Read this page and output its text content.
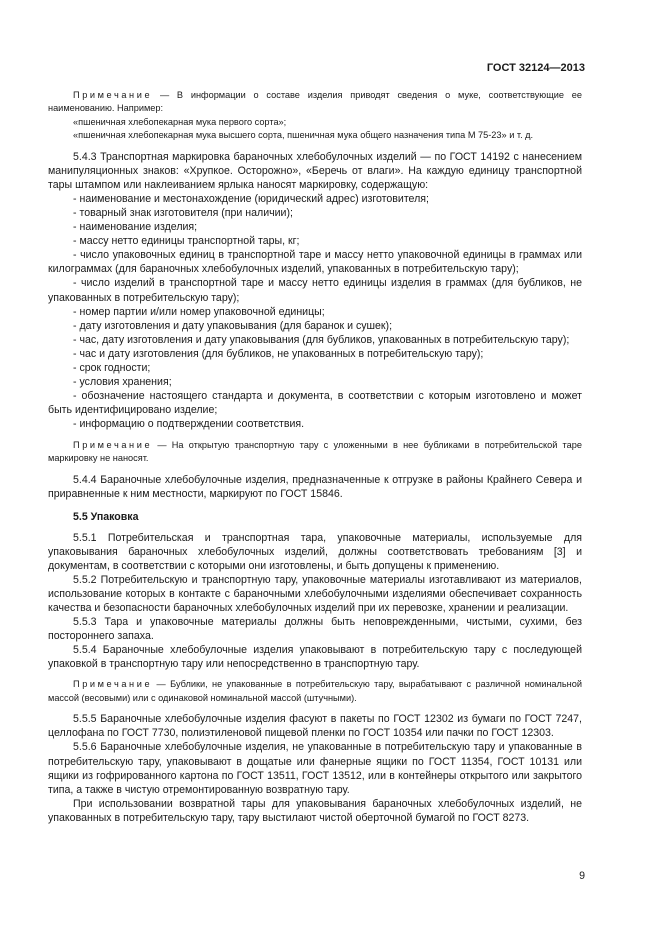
ГОСТ 32124—2013

Примечание — В информации о составе изделия приводят сведения о муке, соответствующие ее наименованию. Например:

«пшеничная хлебопекарная мука первого сорта»;

«пшеничная хлебопекарная мука высшего сорта, пшеничная мука общего назначения типа М 75-23» и т. д.

5.4.3 Транспортная маркировка бараночных хлебобулочных изделий — по ГОСТ 14192 с нанесением манипуляционных знаков: «Хрупкое. Осторожно», «Беречь от влаги». На каждую единицу транспортной тары штампом или наклеиванием ярлыка наносят маркировку, содержащую:

- наименование и местонахождение (юридический адрес) изготовителя;

- товарный знак изготовителя (при наличии);

- наименование изделия;

- массу нетто единицы транспортной тары, кг;

- число упаковочных единиц в транспортной таре и массу нетто упаковочной единицы в граммах или килограммах (для бараночных хлебобулочных изделий, упакованных в потребительскую тару);

- число изделий в транспортной таре и массу нетто единицы изделия в граммах (для бубликов, не упакованных в потребительскую тару);

- номер партии и/или номер упаковочной единицы;

- дату изготовления и дату упаковывания (для баранок и сушек);

- час, дату изготовления и дату упаковывания (для бубликов, упакованных в потребительскую тару);

- час и дату изготовления (для бубликов, не упакованных в потребительскую тару);

- срок годности;

- условия хранения;

- обозначение настоящего стандарта и документа, в соответствии с которым изготовлено и может быть идентифицировано изделие;

- информацию о подтверждении соответствия.

Примечание — На открытую транспортную тару с уложенными в нее бубликами в потребительской таре маркировку не наносят.

5.4.4 Бараночные хлебобулочные изделия, предназначенные к отгрузке в районы Крайнего Севера и приравненные к ним местности, маркируют по ГОСТ 15846.

5.5 Упаковка

5.5.1 Потребительская и транспортная тара, упаковочные материалы, используемые для упаковывания бараночных хлебобулочных изделий, должны соответствовать требованиям [3] и документам, в соответствии с которыми они изготовлены, и быть допущены к применению.

5.5.2 Потребительскую и транспортную тару, упаковочные материалы изготавливают из материалов, использование которых в контакте с бараночными хлебобулочными изделиями обеспечивает сохранность качества и безопасности бараночных хлебобулочных изделий при их перевозке, хранении и реализации.

5.5.3 Тара и упаковочные материалы должны быть неповрежденными, чистыми, сухими, без постороннего запаха.

5.5.4 Бараночные хлебобулочные изделия упаковывают в потребительскую тару с последующей упаковкой в транспортную тару или непосредственно в транспортную тару.

Примечание — Бублики, не упакованные в потребительскую тару, вырабатывают с различной номинальной массой (весовыми) или с одинаковой номинальной массой (штучными).

5.5.5 Бараночные хлебобулочные изделия фасуют в пакеты по ГОСТ 12302 из бумаги по ГОСТ 7247, целлофана по ГОСТ 7730, полиэтиленовой пищевой пленки по ГОСТ 10354 или пачки по ГОСТ 12303.

5.5.6 Бараночные хлебобулочные изделия, не упакованные в потребительскую тару и упакованные в потребительскую тару, упаковывают в дощатые или фанерные ящики по ГОСТ 11354, ГОСТ 10131 или ящики из гофрированного картона по ГОСТ 13511, ГОСТ 13512, или в контейнеры открытого или закрытого типа, а также в чистую отремонтированную возвратную тару.

При использовании возвратной тары для упаковывания бараночных хлебобулочных изделий, не упакованных в потребительскую тару, тару выстилают чистой оберточной бумагой по ГОСТ 8273.

9
